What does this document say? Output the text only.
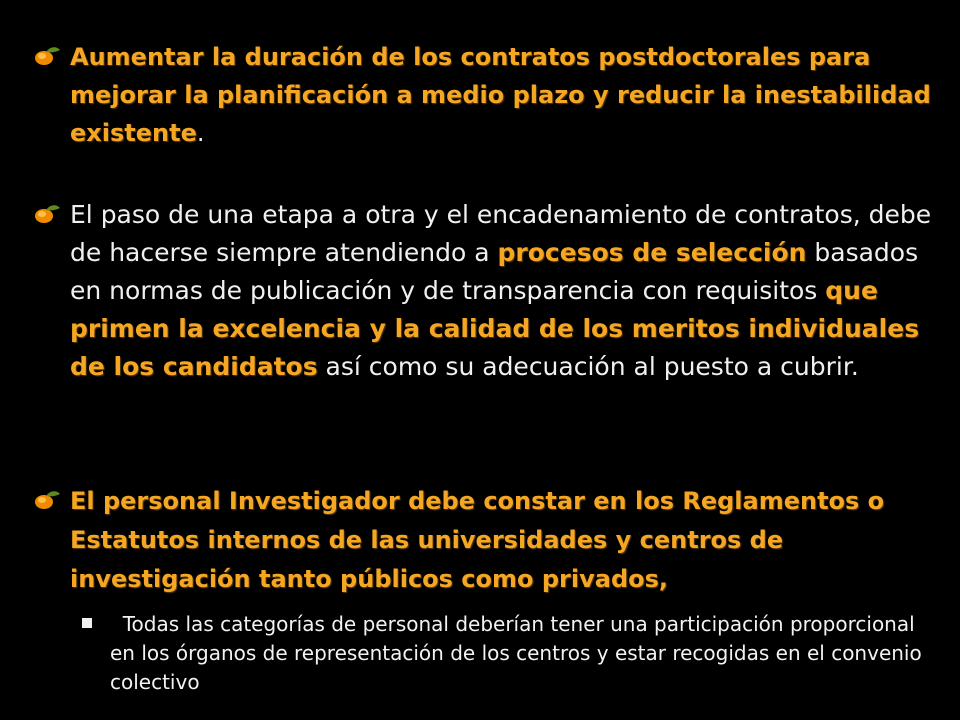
Aumentar la duración de los contratos postdoctorales para mejorar la planificación a medio plazo y reducir la inestabilidad existente.
El paso de una etapa a otra y el encadenamiento de contratos, debe de hacerse siempre atendiendo a procesos de selección basados en normas de publicación y de transparencia con requisitos que primen la excelencia y la calidad de los meritos individuales de los candidatos así como su adecuación al puesto a cubrir.
El personal Investigador debe constar en los Reglamentos o Estatutos internos de las universidades y centros de investigación tanto públicos como privados,
Todas las categorías de personal deberían tener una participación proporcional en los órganos de representación de los centros y estar recogidas en el convenio colectivo
